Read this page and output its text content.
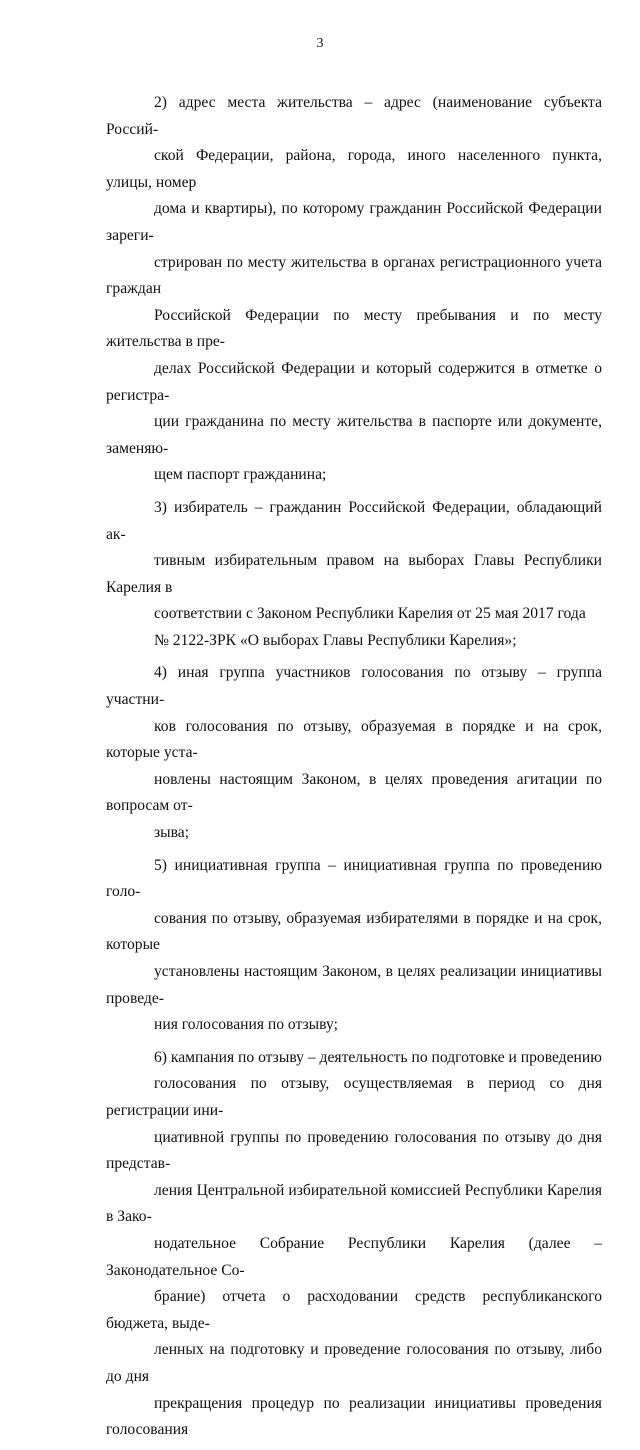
3

2) адрес места жительства – адрес (наименование субъекта Россий-
ской Федерации, района, города, иного населенного пункта, улицы, номер
дома и квартиры), по которому гражданин Российской Федерации зареги-
стрирован по месту жительства в органах регистрационного учета граждан
Российской Федерации по месту пребывания и по месту жительства в пре-
делах Российской Федерации и который содержится в отметке о регистра-
ции гражданина по месту жительства в паспорте или документе, заменяю-
щем паспорт гражданина;

3) избиратель – гражданин Российской Федерации, обладающий ак-
тивным избирательным правом на выборах Главы Республики Карелия в
соответствии с Законом Республики Карелия от 25 мая 2017 года
№ 2122-ЗРК «О выборах Главы Республики Карелия»;

4) иная группа участников голосования по отзыву – группа участни-
ков голосования по отзыву, образуемая в порядке и на срок, которые уста-
новлены настоящим Законом, в целях проведения агитации по вопросам от-
зыва;

5) инициативная группа – инициативная группа по проведению голо-
сования по отзыву, образуемая избирателями в порядке и на срок, которые
установлены настоящим Законом, в целях реализации инициативы проведе-
ния голосования по отзыву;

6) кампания по отзыву – деятельность по подготовке и проведению
голосования по отзыву, осуществляемая в период со дня регистрации ини-
циативной группы по проведению голосования по отзыву до дня представ-
ления Центральной избирательной комиссией Республики Карелия в Зако-
нодательное Собрание Республики Карелия (далее – Законодательное Со-
брание) отчета о расходовании средств республиканского бюджета, выде-
ленных на подготовку и проведение голосования по отзыву, либо до дня
прекращения процедур по реализации инициативы проведения голосования
